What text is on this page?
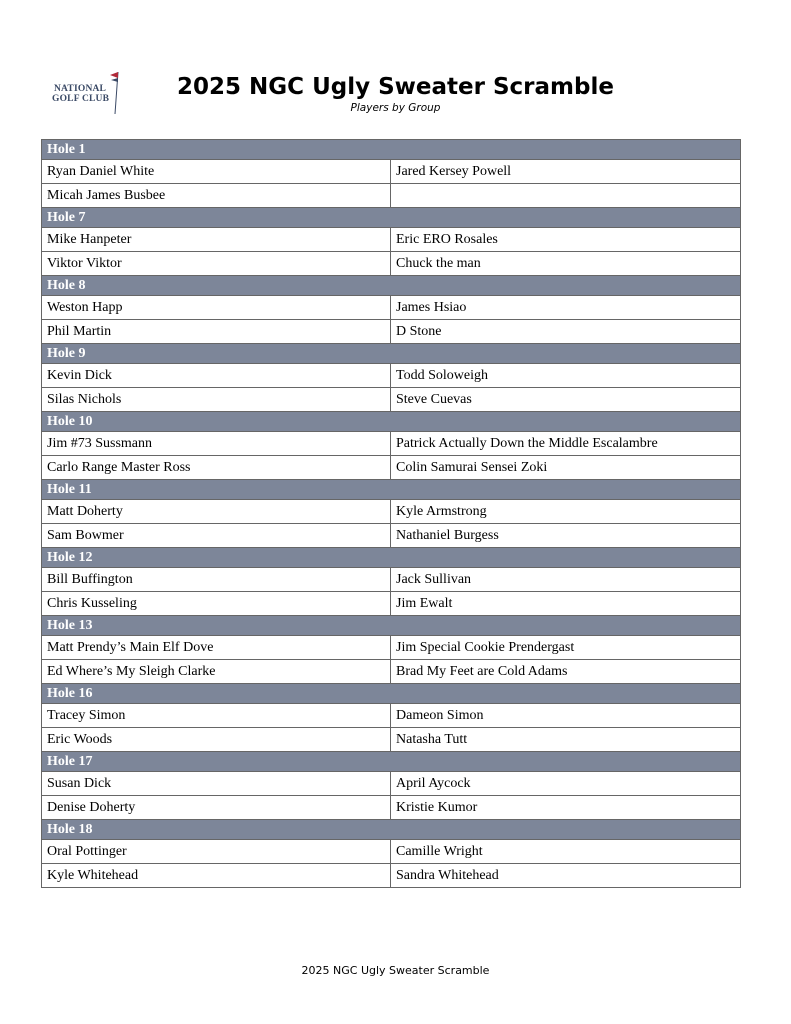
NATIONAL
GOLF CLUB	2025 NGC Ugly Sweater Scramble
Players by Group
Hole 1	
Ryan Daniel White	Jared Kersey Powell
Micah James Busbee	
Hole 7	
Mike Hanpeter	Eric ERO Rosales
Viktor Viktor	Chuck the man
Hole 8	
Weston Happ	James Hsiao
Phil Martin	D Stone
Hole 9	
Kevin Dick	Todd Soloweigh
Silas Nichols	Steve Cuevas
Hole 10	
Jim #73 Sussmann	Patrick Actually Down the Middle Escalambre
Carlo Range Master Ross	Colin Samurai Sensei Zoki
Hole 11	
Matt Doherty	Kyle Armstrong
Sam Bowmer	Nathaniel Burgess
Hole 12	
Bill Buffington	Jack Sullivan
Chris Kusseling	Jim Ewalt
Hole 13	
Matt Prendy’s Main Elf Dove	Jim Special Cookie Prendergast
Ed Where’s My Sleigh Clarke	Brad My Feet are Cold Adams
Hole 16	
Tracey Simon	Dameon Simon
Eric Woods	Natasha Tutt
Hole 17	
Susan Dick	April Aycock
Denise Doherty	Kristie Kumor
Hole 18	
Oral Pottinger	Camille Wright
Kyle Whitehead	Sandra Whitehead
2025 NGC Ugly Sweater Scramble
